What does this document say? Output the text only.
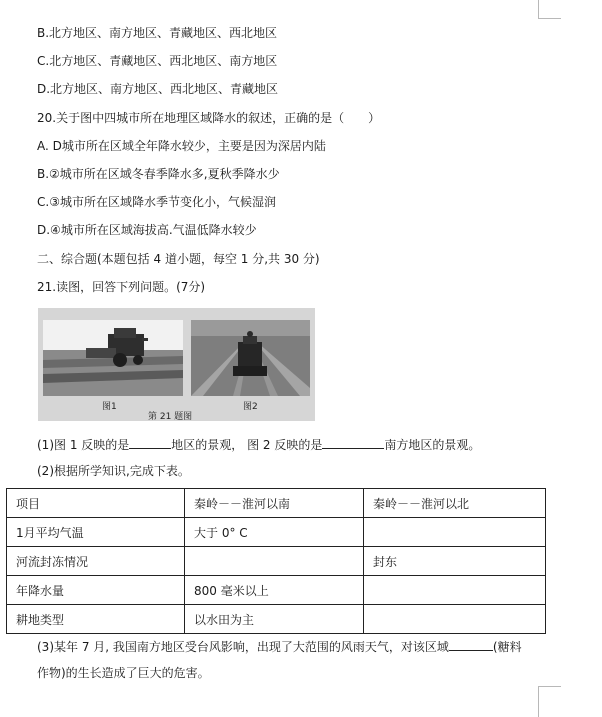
B.北方地区、南方地区、青藏地区、西北地区
C.北方地区、青藏地区、西北地区、南方地区
D.北方地区、南方地区、西北地区、青藏地区
20.关于图中四城市所在地理区域降水的叙述，正确的是（　　）
A. D城市所在区域全年降水较少，主要是因为深居内陆
B.②城市所在区域冬春季降水多,夏秋季降水少
C.③城市所在区域降水季节变化小，气候湿润
D.④城市所在区域海拔高.气温低降水较少
二、综合题(本题包括 4 道小题，每空 1 分,共 30 分)
21.读图，回答下列问题。(7分)
图1	图2
第 21 题图
(1)图 1 反映的是	地区的景观， 图 2 反映的是	南方地区的景观。
(2)根据所学知识,完成下表。
项目	秦岭－－淮河以南	秦岭－－淮河以北
1月平均气温	大于 0° C	
河流封冻情况		封东
年降水量	800 毫米以上	
耕地类型	以水田为主	
(3)某年 7 月, 我国南方地区受台风影响，出现了大范围的风雨天气，对该区域	(糖料
作物)的生长造成了巨大的危害。
